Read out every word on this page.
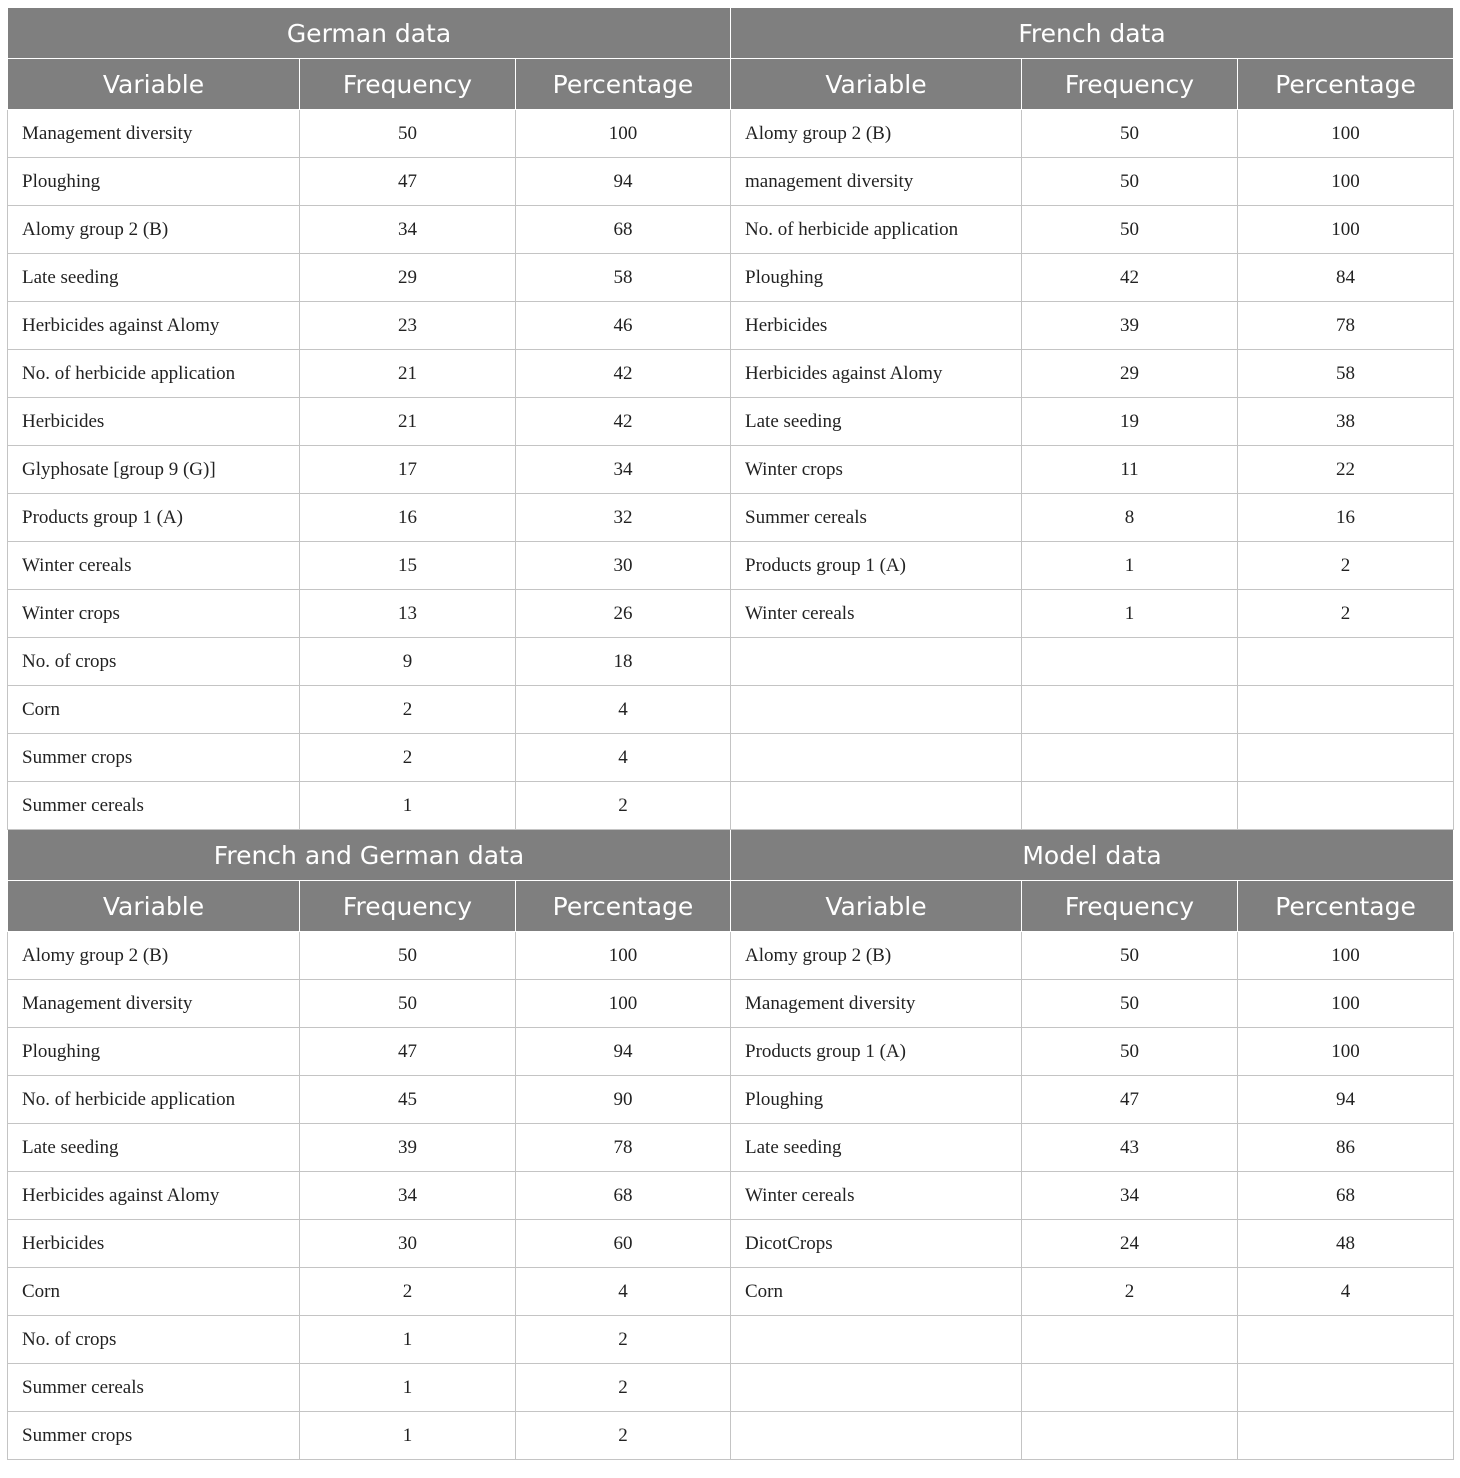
German data			French data		
Variable	Frequency	Percentage	Variable	Frequency	Percentage
Management diversity	50	100	Alomy group 2 (B)	50	100
Ploughing	47	94	management diversity	50	100
Alomy group 2 (B)	34	68	No. of herbicide application	50	100
Late seeding	29	58	Ploughing	42	84
Herbicides against Alomy	23	46	Herbicides	39	78
No. of herbicide application	21	42	Herbicides against Alomy	29	58
Herbicides	21	42	Late seeding	19	38
Glyphosate [group 9 (G)]	17	34	Winter crops	11	22
Products group 1 (A)	16	32	Summer cereals	8	16
Winter cereals	15	30	Products group 1 (A)	1	2
Winter crops	13	26	Winter cereals	1	2
No. of crops	9	18			
Corn	2	4			
Summer crops	2	4			
Summer cereals	1	2			
French and German data			Model data		
Variable	Frequency	Percentage	Variable	Frequency	Percentage
Alomy group 2 (B)	50	100	Alomy group 2 (B)	50	100
Management diversity	50	100	Management diversity	50	100
Ploughing	47	94	Products group 1 (A)	50	100
No. of herbicide application	45	90	Ploughing	47	94
Late seeding	39	78	Late seeding	43	86
Herbicides against Alomy	34	68	Winter cereals	34	68
Herbicides	30	60	DicotCrops	24	48
Corn	2	4	Corn	2	4
No. of crops	1	2			
Summer cereals	1	2			
Summer crops	1	2			
